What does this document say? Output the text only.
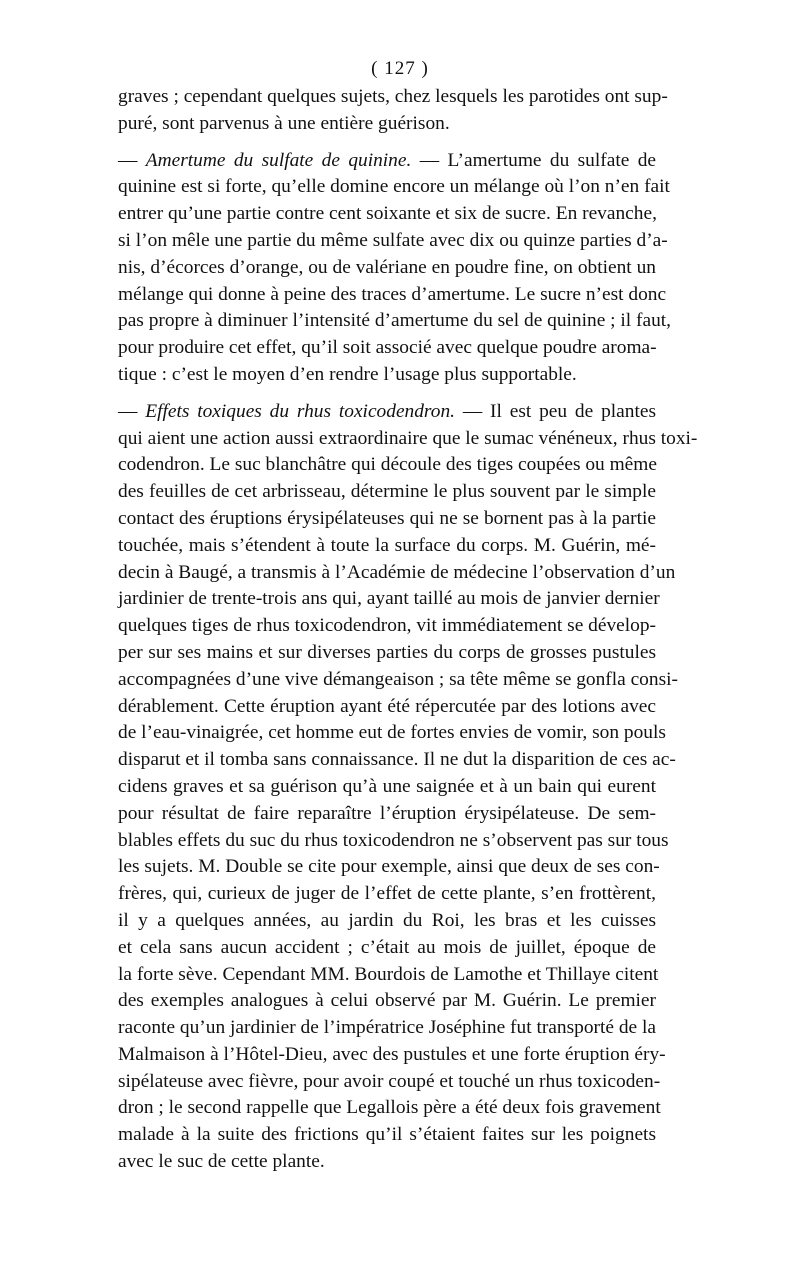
( 127 )
graves ; cependant quelques sujets, chez lesquels les parotides ont sup-
puré, sont parvenus à une entière guérison.
— Amertume du sulfate de quinine. — L’amertume du sulfate de
quinine est si forte, qu’elle domine encore un mélange où l’on n’en fait
entrer qu’une partie contre cent soixante et six de sucre. En revanche,
si l’on mêle une partie du même sulfate avec dix ou quinze parties d’a-
nis, d’écorces d’orange, ou de valériane en poudre fine, on obtient un
mélange qui donne à peine des traces d’amertume. Le sucre n’est donc
pas propre à diminuer l’intensité d’amertume du sel de quinine ; il faut,
pour produire cet effet, qu’il soit associé avec quelque poudre aroma-
tique : c’est le moyen d’en rendre l’usage plus supportable.
— Effets toxiques du rhus toxicodendron. — Il est peu de plantes
qui aient une action aussi extraordinaire que le sumac vénéneux, rhus toxi-
codendron. Le suc blanchâtre qui découle des tiges coupées ou même
des feuilles de cet arbrisseau, détermine le plus souvent par le simple
contact des éruptions érysipélateuses qui ne se bornent pas à la partie
touchée, mais s’étendent à toute la surface du corps. M. Guérin, mé-
decin à Baugé, a transmis à l’Académie de médecine l’observation d’un
jardinier de trente-trois ans qui, ayant taillé au mois de janvier dernier
quelques tiges de rhus toxicodendron, vit immédiatement se dévelop-
per sur ses mains et sur diverses parties du corps de grosses pustules
accompagnées d’une vive démangeaison ; sa tête même se gonfla consi-
dérablement. Cette éruption ayant été répercutée par des lotions avec
de l’eau-vinaigrée, cet homme eut de fortes envies de vomir, son pouls
disparut et il tomba sans connaissance. Il ne dut la disparition de ces ac-
cidens graves et sa guérison qu’à une saignée et à un bain qui eurent
pour résultat de faire reparaître l’éruption érysipélateuse. De sem-
blables effets du suc du rhus toxicodendron ne s’observent pas sur tous
les sujets. M. Double se cite pour exemple, ainsi que deux de ses con-
frères, qui, curieux de juger de l’effet de cette plante, s’en frottèrent,
il y a quelques années, au jardin du Roi, les bras et les cuisses
et cela sans aucun accident ; c’était au mois de juillet, époque de
la forte sève. Cependant MM. Bourdois de Lamothe et Thillaye citent
des exemples analogues à celui observé par M. Guérin. Le premier
raconte qu’un jardinier de l’impératrice Joséphine fut transporté de la
Malmaison à l’Hôtel-Dieu, avec des pustules et une forte éruption éry-
sipélateuse avec fièvre, pour avoir coupé et touché un rhus toxicoden-
dron ; le second rappelle que Legallois père a été deux fois gravement
malade à la suite des frictions qu’il s’étaient faites sur les poignets
avec le suc de cette plante.
